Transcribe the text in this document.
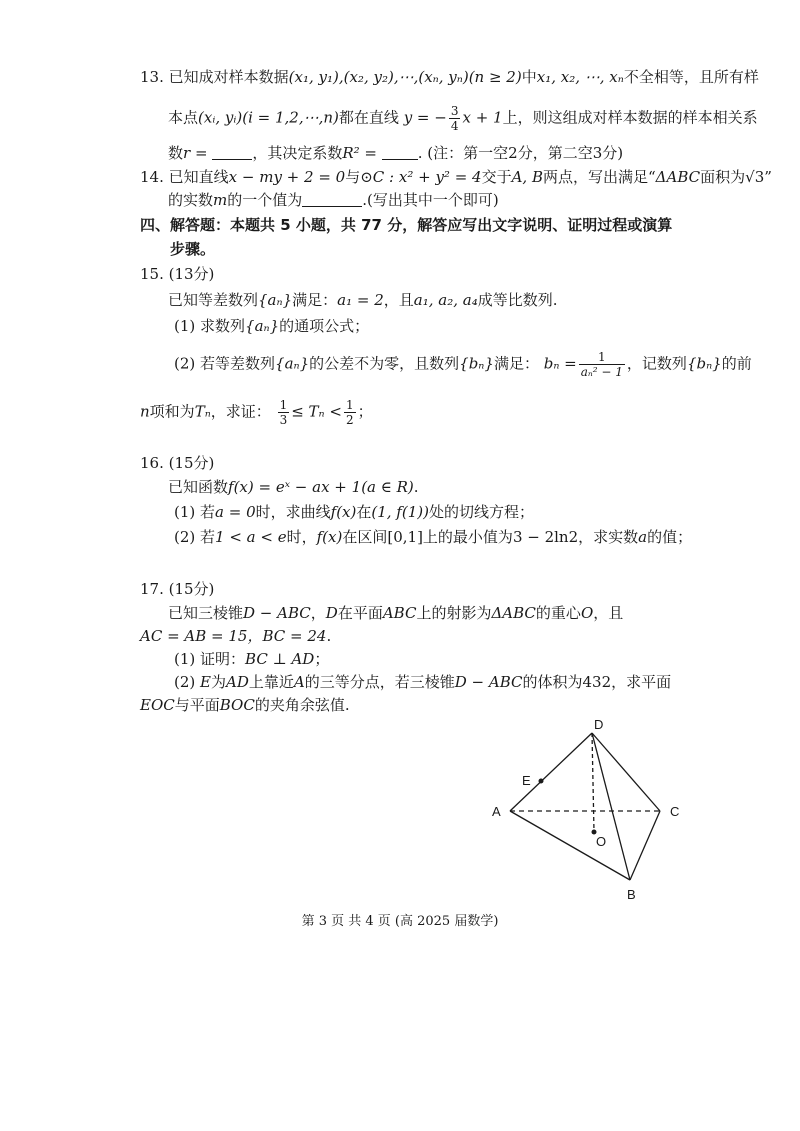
13. 已知成对样本数据(x₁, y₁),(x₂, y₂),⋯,(xₙ, yₙ)(n ≥ 2)中x₁, x₂, ⋯, xₙ不全相等，且所有样
本点(xᵢ, yᵢ)(i = 1,2,⋯,n)都在直线 y = − $\frac{3}{4}$ x + 1上，则这组成对样本数据的样本相关系
数r =	，其决定系数R² =	. (注：第一空2分，第二空3分)
14. 已知直线x − my + 2 = 0与⊙C : x² + y² = 4交于A, B两点，写出满足“ΔABC面积为√3”
的实数m的一个值为	.(写出其中一个即可)
四、解答题：本题共 5 小题，共 77 分，解答应写出文字说明、证明过程或演算
步骤。
15. (13分)
已知等差数列{aₙ}满足：a₁ = 2，且a₁, a₂, a₄成等比数列.
(1) 求数列{aₙ}的通项公式；
(2) 若等差数列{aₙ}的公差不为零，且数列{bₙ}满足： $b_n = \frac{1}{\text{aₙ² − 1}}$ ，记数列{bₙ}的前
n项和为Tₙ，求证： $\frac{1}{3} \le T_n < \frac{1}{2}$ ；
16. (15分)
已知函数f(x) = eˣ − ax + 1(a ∈ R).
(1) 若a = 0时，求曲线f(x)在(1, f(1))处的切线方程；
(2) 若1 < a < e时，f(x)在区间[0,1]上的最小值为3 − 2ln2，求实数a的值；
17. (15分)
已知三棱锥D − ABC，D在平面ABC上的射影为ΔABC的重心O，且
AC = AB = 15，BC = 24.
(1) 证明：BC ⊥ AD；
(2) E为AD上靠近A的三等分点，若三棱锥D − ABC的体积为432，求平面
EOC与平面BOC的夹角余弦值.
D
E
A	C
O
B
第 3 页 共 4 页 (高 2025 届数学)
